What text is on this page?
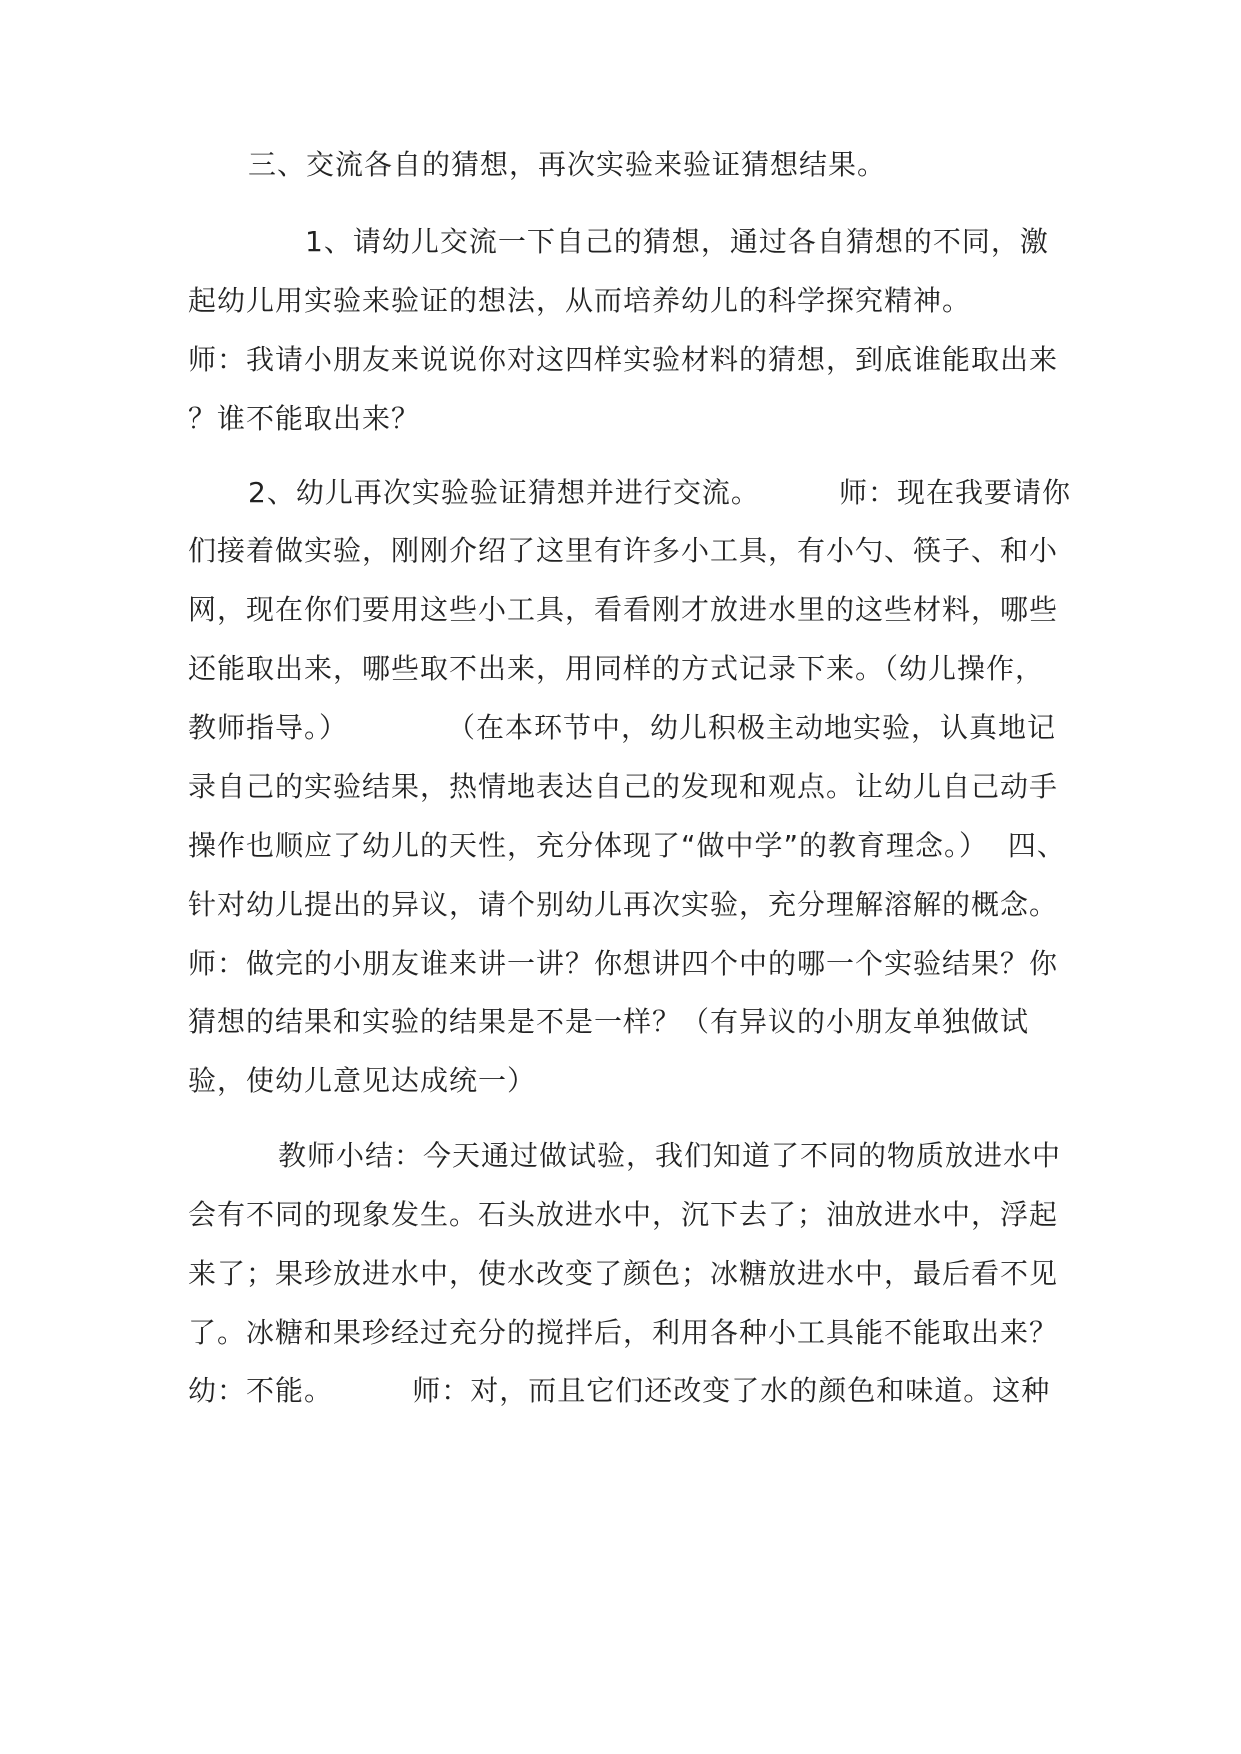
三、交流各自的猜想，再次实验来验证猜想结果。
1、请幼儿交流一下自己的猜想，通过各自猜想的不同，激
起幼儿用实验来验证的想法，从而培养幼儿的科学探究精神。
师：我请小朋友来说说你对这四样实验材料的猜想，到底谁能取出来
？谁不能取出来？
2、幼儿再次实验验证猜想并进行交流。        师：现在我要请你
们接着做实验，刚刚介绍了这里有许多小工具，有小勺、筷子、和小
网，现在你们要用这些小工具，看看刚才放进水里的这些材料，哪些
还能取出来，哪些取不出来，用同样的方式记录下来。（幼儿操作，
教师指导。）          （在本环节中，幼儿积极主动地实验，认真地记
录自己的实验结果，热情地表达自己的发现和观点。让幼儿自己动手
操作也顺应了幼儿的天性，充分体现了“做中学”的教育理念。）  四、
针对幼儿提出的异议，请个别幼儿再次实验，充分理解溶解的概念。
师：做完的小朋友谁来讲一讲？你想讲四个中的哪一个实验结果？你
猜想的结果和实验的结果是不是一样？（有异议的小朋友单独做试
验，使幼儿意见达成统一）
教师小结：今天通过做试验，我们知道了不同的物质放进水中
会有不同的现象发生。石头放进水中，沉下去了；油放进水中，浮起
来了；果珍放进水中，使水改变了颜色；冰糖放进水中，最后看不见
了。冰糖和果珍经过充分的搅拌后，利用各种小工具能不能取出来？
幼：不能。        师：对，而且它们还改变了水的颜色和味道。这种
